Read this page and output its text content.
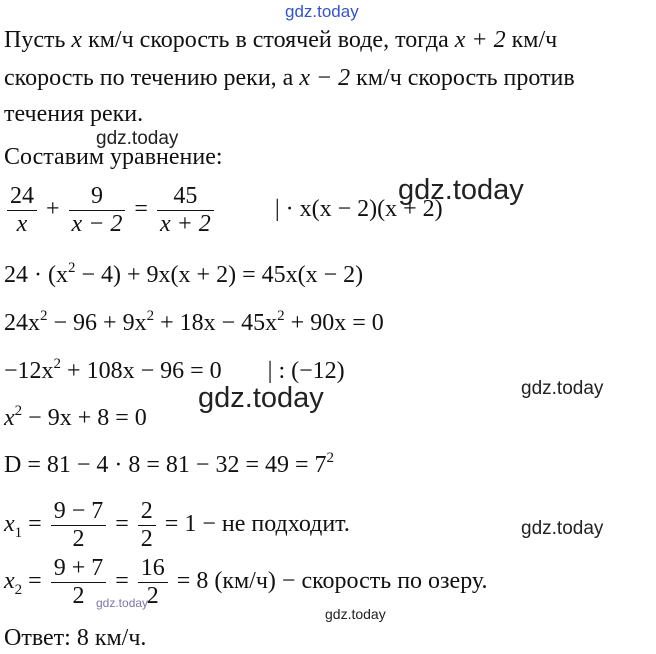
gdz.today
gdz.today
gdz.today
gdz.today	gdz.today
gdz.today
gdz.today
gdz.today
Пусть x км/ч скорость в стоячей воде, тогда x + 2 км/ч
скорость по течению реки, а x − 2 км/ч скорость против
течения реки.
Составим уравнение:
$\frac{24}{x} + \frac{9}{x - 2} = \frac{45}{x + 2}$	| · x(x − 2)(x + 2)
$24 \cdot (x^2 - 4) + 9x(x + 2) = 45x(x - 2)$
$24x^2 - 96 + 9x^2 + 18x - 45x^2 + 90x = 0$
$-12x^2 + 108x - 96 = 0$ | : (−12)
$x^2 - 9x + 8 = 0$
$D = 81 - 4 \cdot 8 = 81 - 32 = 49 = 7^2$
$x_1 = \frac{9 - 7}{2} = \frac{2}{2} = 1$ − не подходит.
$x_2 = \frac{9 + 7}{2} = \frac{16}{2} = 8$ (км/ч) − скорость по озеру.
Ответ: 8 км/ч.
